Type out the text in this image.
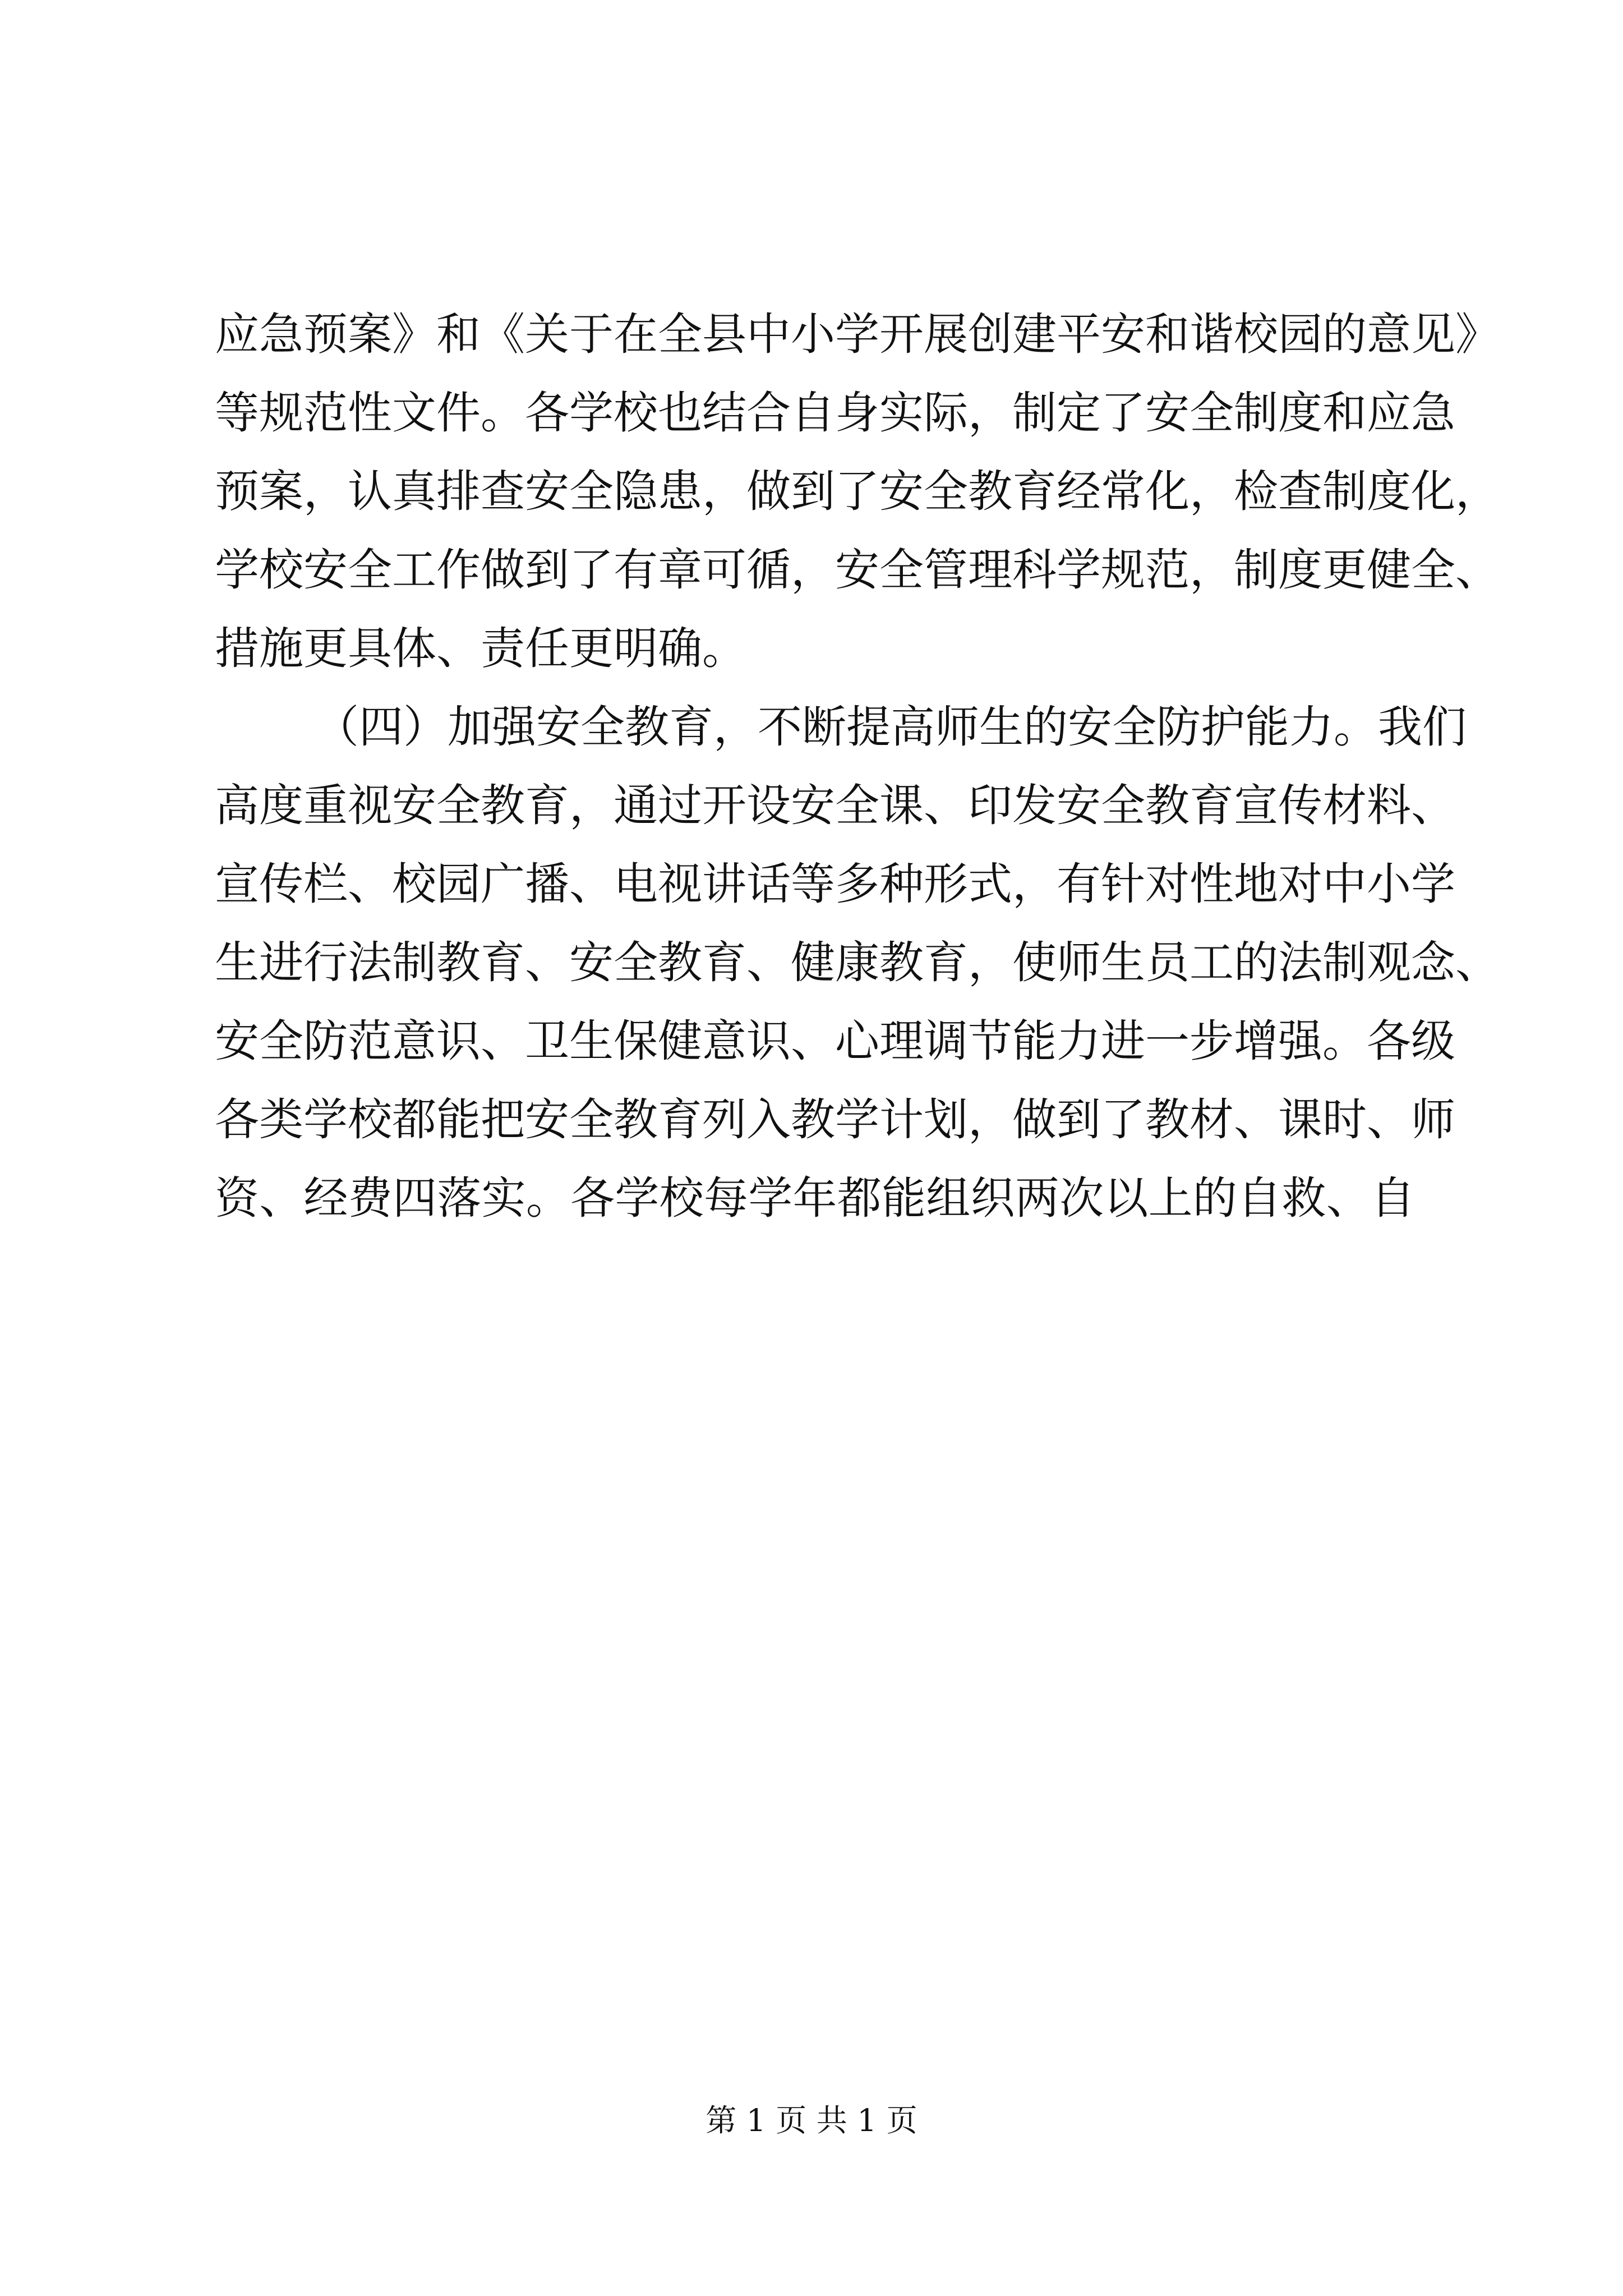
应急预案》和《关于在全县中小学开展创建平安和谐校园的意见》
等规范性文件。各学校也结合自身实际，制定了安全制度和应急
预案，认真排查安全隐患，做到了安全教育经常化，检查制度化，
学校安全工作做到了有章可循，安全管理科学规范，制度更健全、
措施更具体、责任更明确。
（四）加强安全教育，不断提高师生的安全防护能力。我们
高度重视安全教育，通过开设安全课、印发安全教育宣传材料、
宣传栏、校园广播、电视讲话等多种形式，有针对性地对中小学
生进行法制教育、安全教育、健康教育，使师生员工的法制观念、
安全防范意识、卫生保健意识、心理调节能力进一步增强。各级
各类学校都能把安全教育列入教学计划，做到了教材、课时、师
资、经费四落实。各学校每学年都能组织两次以上的自救、自
第 1 页 共 1 页
